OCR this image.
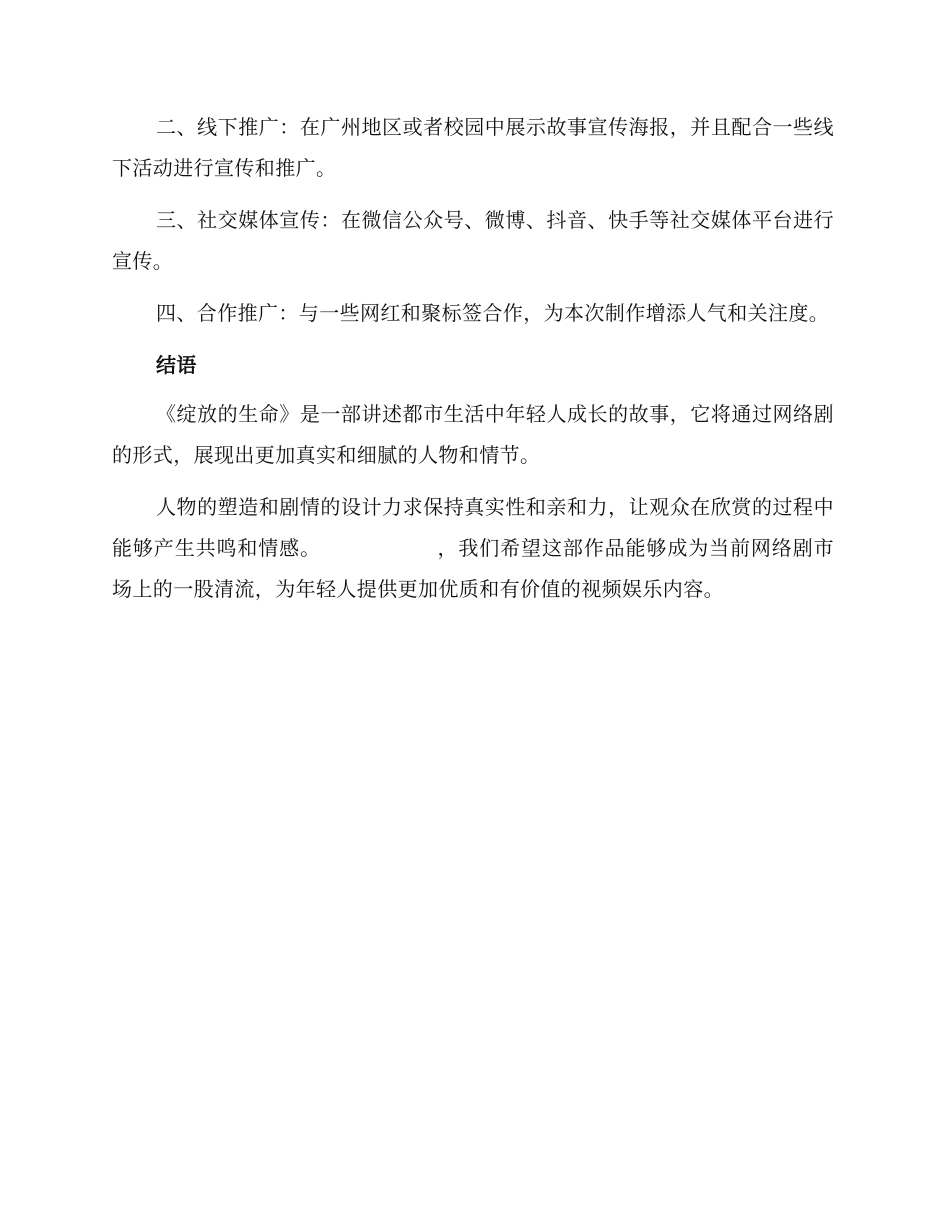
二、线下推广：在广州地区或者校园中展示故事宣传海报，并且配合一些线下活动进行宣传和推广。

三、社交媒体宣传：在微信公众号、微博、抖音、快手等社交媒体平台进行宣传。

四、合作推广：与一些网红和聚标签合作，为本次制作增添人气和关注度。

结语

《绽放的生命》是一部讲述都市生活中年轻人成长的故事，它将通过网络剧的形式，展现出更加真实和细腻的人物和情节。

人物的塑造和剧情的设计力求保持真实性和亲和力，让观众在欣赏的过程中能够产生共鸣和情感。	，我们希望这部作品能够成为当前网络剧市场上的一股清流，为年轻人提供更加优质和有价值的视频娱乐内容。
